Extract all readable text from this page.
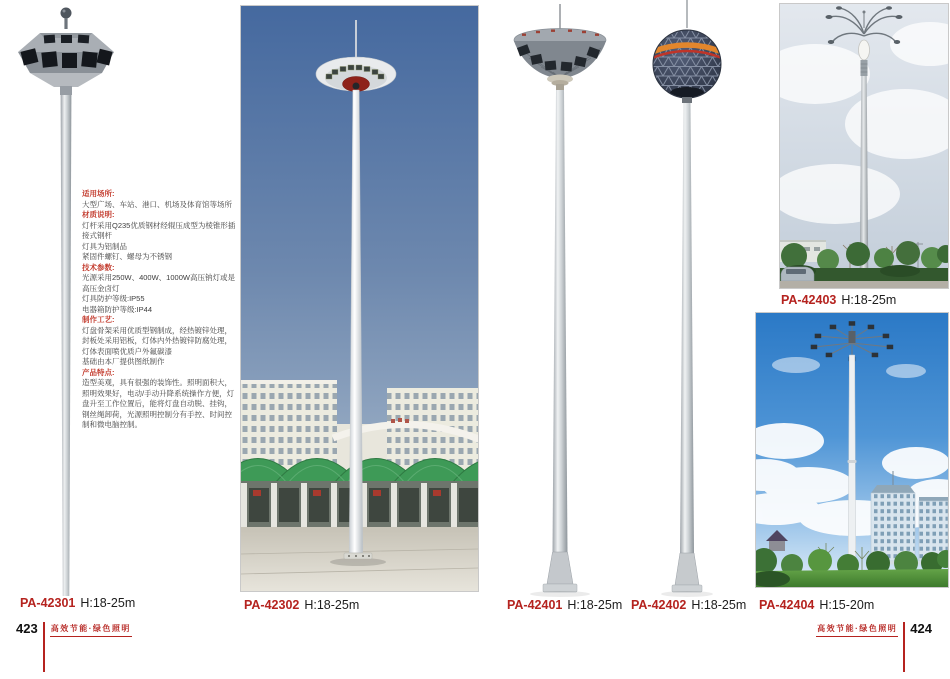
适用场所:
大型广场、车站、港口、机场及体育馆等场所
材质说明:
灯杆采用Q235优质钢材经辊压成型为棱锥形插接式钢杆
灯具为铝制品
紧固件螺钉、螺母为不锈钢
技术参数:
光源采用250W、400W、1000W高压钠灯或是高压金卤灯
灯具防护等级:IP55
电器箱防护等级:IP44
制作工艺:
灯盘骨架采用优质型钢制成，经热镀锌处理，封板处采用铝板，灯体内外热镀锌防腐处理，灯体表面喷优质户外氟碳漆
基础由本厂提供图纸制作
产品特点:
造型美观，具有很强的装饰性。照明面积大，照明效果好，电动/手动升降系统操作方便，灯盘升至工作位置后，能将灯盘自动脱、挂钩，钢丝绳卸荷，光源照明控制分有手控、时间控制和微电脑控制。
PA-42301 H:18-25m	PA-42302 H:18-25m	PA-42401 H:18-25m PA-42402 H:18-25m
PA-42403 H:18-25m
PA-42404 H:15-20m
423 高效节能·绿色照明	高效节能·绿色照明 424
